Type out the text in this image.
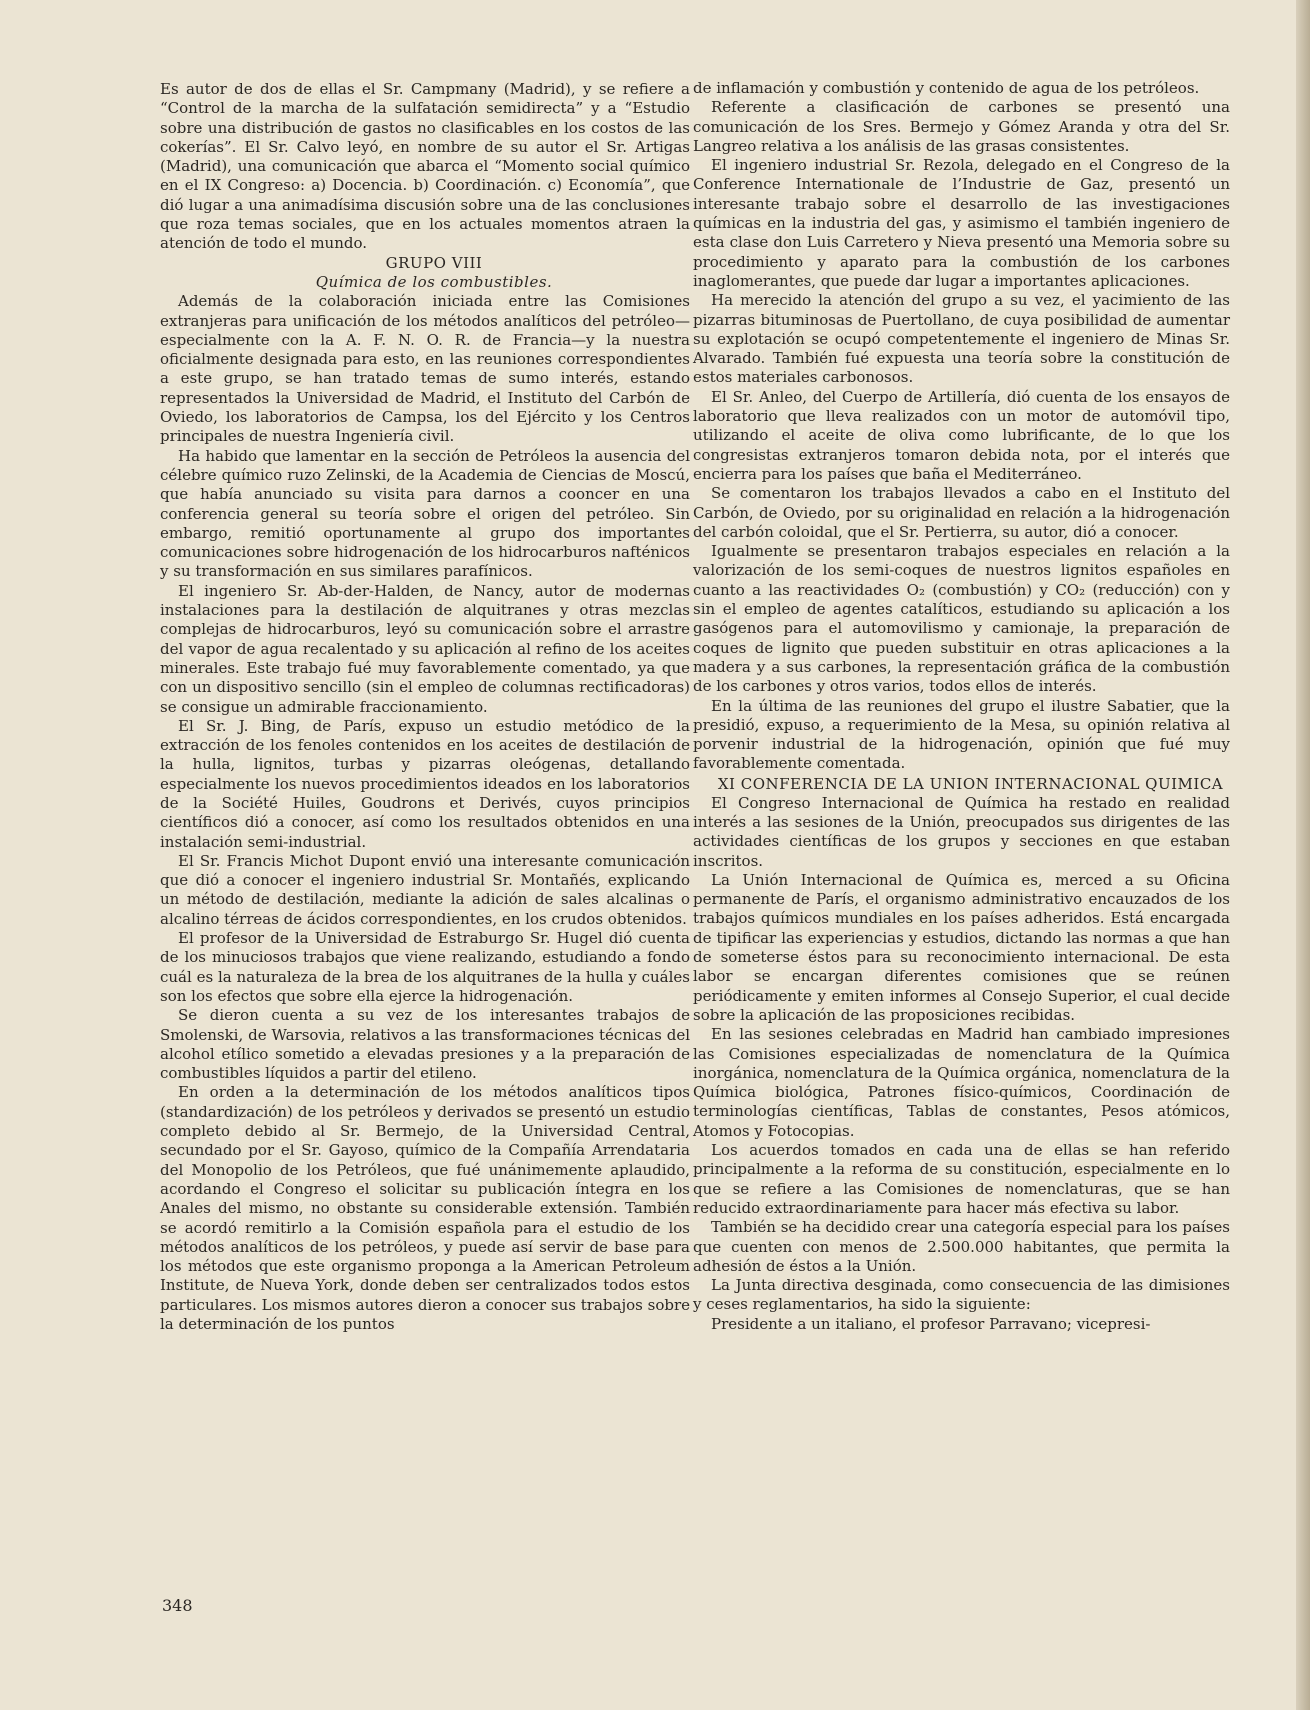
Es autor de dos de ellas el Sr. Campmany (Madrid), y se refiere a “Control de la marcha de la sulfatación semidirecta” y a “Estudio sobre una distribución de gastos no clasificables en los costos de las cokerías”. El Sr. Calvo leyó, en nombre de su autor el Sr. Artigas (Madrid), una comunicación que abarca el “Momento social químico en el IX Congreso: a) Docencia. b) Coordinación. c) Economía”, que dió lugar a una animadísima discusión sobre una de las conclusiones que roza temas sociales, que en los actuales momentos atraen la atención de todo el mundo.

GRUPO VIII

Química de los combustibles.

Además de la colaboración iniciada entre las Comisiones extranjeras para unificación de los métodos analíticos del petróleo—especialmente con la A. F. N. O. R. de Francia—y la nuestra oficialmente designada para esto, en las reuniones correspondientes a este grupo, se han tratado temas de sumo interés, estando representados la Universidad de Madrid, el Instituto del Carbón de Oviedo, los laboratorios de Campsa, los del Ejército y los Centros principales de nuestra Ingeniería civil.

Ha habido que lamentar en la sección de Petróleos la ausencia del célebre químico ruzo Zelinski, de la Academia de Ciencias de Moscú, que había anunciado su visita para darnos a cooncer en una conferencia general su teoría sobre el origen del petróleo. Sin embargo, remitió oportunamente al grupo dos importantes comunicaciones sobre hidrogenación de los hidrocarburos nafténicos y su transformación en sus similares parafínicos.

El ingeniero Sr. Ab-der-Halden, de Nancy, autor de modernas instalaciones para la destilación de alquitranes y otras mezclas complejas de hidrocarburos, leyó su comunicación sobre el arrastre del vapor de agua recalentado y su aplicación al refino de los aceites minerales. Este trabajo fué muy favorablemente comentado, ya que con un dispositivo sencillo (sin el empleo de columnas rectificadoras) se consigue un admirable fraccionamiento.

El Sr. J. Bing, de París, expuso un estudio metódico de la extracción de los fenoles contenidos en los aceites de destilación de la hulla, lignitos, turbas y pizarras oleógenas, detallando especialmente los nuevos procedimientos ideados en los laboratorios de la Société Huiles, Goudrons et Derivés, cuyos principios científicos dió a conocer, así como los resultados obtenidos en una instalación semi-industrial.

El Sr. Francis Michot Dupont envió una interesante comunicación que dió a conocer el ingeniero industrial Sr. Montañés, explicando un método de destilación, mediante la adición de sales alcalinas o alcalino térreas de ácidos correspondientes, en los crudos obtenidos.

El profesor de la Universidad de Estraburgo Sr. Hugel dió cuenta de los minuciosos trabajos que viene realizando, estudiando a fondo cuál es la naturaleza de la brea de los alquitranes de la hulla y cuáles son los efectos que sobre ella ejerce la hidrogenación.

Se dieron cuenta a su vez de los interesantes trabajos de Smolenski, de Warsovia, relativos a las transformaciones técnicas del alcohol etílico sometido a elevadas presiones y a la preparación de combustibles líquidos a partir del etileno.

En orden a la determinación de los métodos analíticos tipos (standardización) de los petróleos y derivados se presentó un estudio completo debido al Sr. Bermejo, de la Universidad Central, secundado por el Sr. Gayoso, químico de la Compañía Arrendataria del Monopolio de los Petróleos, que fué unánimemente aplaudido, acordando el Congreso el solicitar su publicación íntegra en los Anales del mismo, no obstante su considerable extensión. También se acordó remitirlo a la Comisión española para el estudio de los métodos analíticos de los petróleos, y puede así servir de base para los métodos que este organismo proponga a la American Petroleum Institute, de Nueva York, donde deben ser centralizados todos estos particulares. Los mismos autores dieron a conocer sus trabajos sobre la determinación de los puntos

de inflamación y combustión y contenido de agua de los petróleos.

Referente a clasificación de carbones se presentó una comunicación de los Sres. Bermejo y Gómez Aranda y otra del Sr. Langreo relativa a los análisis de las grasas consistentes.

El ingeniero industrial Sr. Rezola, delegado en el Congreso de la Conference Internationale de l’Industrie de Gaz, presentó un interesante trabajo sobre el desarrollo de las investigaciones químicas en la industria del gas, y asimismo el también ingeniero de esta clase don Luis Carretero y Nieva presentó una Memoria sobre su procedimiento y aparato para la combustión de los carbones inaglomerantes, que puede dar lugar a importantes aplicaciones.

Ha merecido la atención del grupo a su vez, el yacimiento de las pizarras bituminosas de Puertollano, de cuya posibilidad de aumentar su explotación se ocupó competentemente el ingeniero de Minas Sr. Alvarado. También fué expuesta una teoría sobre la constitución de estos materiales carbonosos.

El Sr. Anleo, del Cuerpo de Artillería, dió cuenta de los ensayos de laboratorio que lleva realizados con un motor de automóvil tipo, utilizando el aceite de oliva como lubrificante, de lo que los congresistas extranjeros tomaron debida nota, por el interés que encierra para los países que baña el Mediterráneo.

Se comentaron los trabajos llevados a cabo en el Instituto del Carbón, de Oviedo, por su originalidad en relación a la hidrogenación del carbón coloidal, que el Sr. Pertierra, su autor, dió a conocer.

Igualmente se presentaron trabajos especiales en relación a la valorización de los semi-coques de nuestros lignitos españoles en cuanto a las reactividades O₂ (combustión) y CO₂ (reducción) con y sin el empleo de agentes catalíticos, estudiando su aplicación a los gasógenos para el automovilismo y camionaje, la preparación de coques de lignito que pueden substituir en otras aplicaciones a la madera y a sus carbones, la representación gráfica de la combustión de los carbones y otros varios, todos ellos de interés.

En la última de las reuniones del grupo el ilustre Sabatier, que la presidió, expuso, a requerimiento de la Mesa, su opinión relativa al porvenir industrial de la hidrogenación, opinión que fué muy favorablemente comentada.

XI CONFERENCIA DE LA UNION INTERNACIONAL QUIMICA

El Congreso Internacional de Química ha restado en realidad interés a las sesiones de la Unión, preocupados sus dirigentes de las actividades científicas de los grupos y secciones en que estaban inscritos.

La Unión Internacional de Química es, merced a su Oficina permanente de París, el organismo administrativo encauzados de los trabajos químicos mundiales en los países adheridos. Está encargada de tipificar las experiencias y estudios, dictando las normas a que han de someterse éstos para su reconocimiento internacional. De esta labor se encargan diferentes comisiones que se reúnen periódicamente y emiten informes al Consejo Superior, el cual decide sobre la aplicación de las proposiciones recibidas.

En las sesiones celebradas en Madrid han cambiado impresiones las Comisiones especializadas de nomenclatura de la Química inorgánica, nomenclatura de la Química orgánica, nomenclatura de la Química biológica, Patrones físico-químicos, Coordinación de terminologías científicas, Tablas de constantes, Pesos atómicos, Atomos y Fotocopias.

Los acuerdos tomados en cada una de ellas se han referido principalmente a la reforma de su constitución, especialmente en lo que se refiere a las Comisiones de nomenclaturas, que se han reducido extraordinariamente para hacer más efectiva su labor.

También se ha decidido crear una categoría especial para los países que cuenten con menos de 2.500.000 habitantes, que permita la adhesión de éstos a la Unión.

La Junta directiva desginada, como consecuencia de las dimisiones y ceses reglamentarios, ha sido la siguiente:

Presidente a un italiano, el profesor Parravano; vicepresi-

348
